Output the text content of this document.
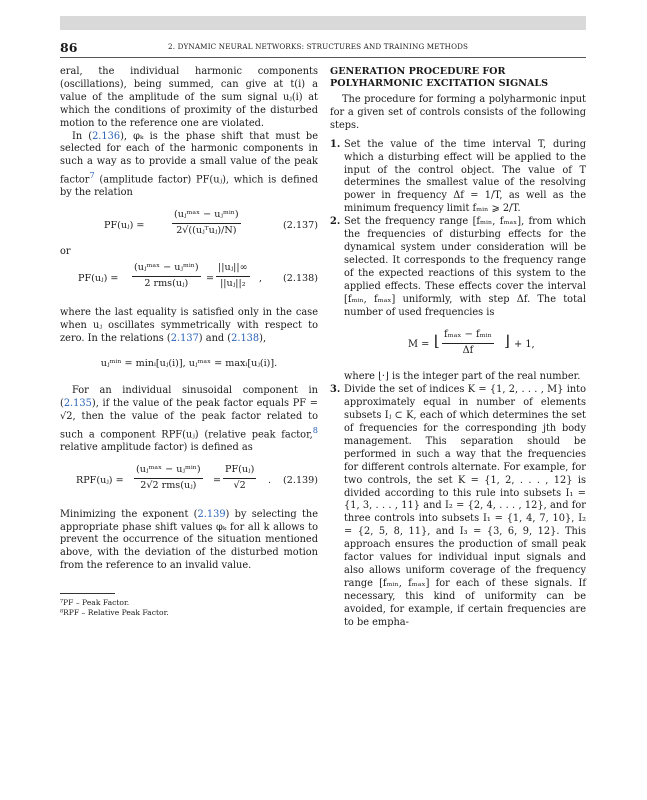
86	2. DYNAMIC NEURAL NETWORKS: STRUCTURES AND TRAINING METHODS

eral, the individual harmonic components (oscillations), being summed, can give at t(i) a value of the amplitude of the sum signal uⱼ(i) at which the conditions of proximity of the disturbed motion to the reference one are violated.

In (2.136), φₖ is the phase shift that must be selected for each of the harmonic components in such a way as to provide a small value of the peak factor$^7$ (amplitude factor) PF(uⱼ), which is defined by the relation

PF(uⱼ) =
(uⱼᵐᵃˣ − uⱼᵐⁱⁿ)
2√((uⱼᵀuⱼ)/N)	(2.137)

or

PF(uⱼ) =
(uⱼᵐᵃˣ − uⱼᵐⁱⁿ)
2 rms(uⱼ)	= $\frac{\text{||uⱼ||∞}}{\text{||uⱼ||₂}}$ , (2.138)

where the last equality is satisfied only in the case when uⱼ oscillates symmetrically with respect to zero. In the relations (2.137) and (2.138),

uⱼᵐⁱⁿ = minᵢ[uⱼ(i)], uⱼᵐᵃˣ = maxᵢ[uⱼ(i)].

For an individual sinusoidal component in (2.135), if the value of the peak factor equals PF = √2, then the value of the peak factor related to such a component RPF(uⱼ) (relative peak factor,$^8$ relative amplitude factor) is defined as

RPF(uⱼ) =
(uⱼᵐᵃˣ − uⱼᵐⁱⁿ)
2√2 rms(uⱼ)	= $\frac{\text{PF(uⱼ)}}{√2}$ . (2.139)

Minimizing the exponent (2.139) by selecting the appropriate phase shift values φₖ for all k allows to prevent the occurrence of the situation mentioned above, with the deviation of the disturbed motion from the reference to an invalid value.

⁷PF – Peak Factor.

⁸RPF – Relative Peak Factor.

GENERATION PROCEDURE FOR
POLYHARMONIC EXCITATION SIGNALS

The procedure for forming a polyharmonic input for a given set of controls consists of the following steps.

1. Set the value of the time interval T, during which a disturbing effect will be applied to the input of the control object. The value of T determines the smallest value of the resolving power in frequency Δf = 1/T, as well as the minimum frequency limit fₘᵢₙ ⩾ 2/T.

2. Set the frequency range [fₘᵢₙ, fₘₐₓ], from which the frequencies of disturbing effects for the dynamical system under consideration will be selected. It corresponds to the frequency range of the expected reactions of this system to the applied effects. These effects cover the interval [fₘᵢₙ, fₘₐₓ] uniformly, with step Δf. The total number of used frequencies is

M = ⌊ fₘₐₓ − fₘᵢₙ
Δf
⌋ + 1,

where ⌊·⌋ is the integer part of the real number.

3. Divide the set of indices K = {1, 2, . . . , M} into approximately equal in number of elements subsets Iⱼ ⊂ K, each of which determines the set of frequencies for the corresponding jth body management. This separation should be performed in such a way that the frequencies for different controls alternate. For example, for two controls, the set K = {1, 2, . . . , 12} is divided according to this rule into subsets I₁ = {1, 3, . . . , 11} and I₂ = {2, 4, . . . , 12}, and for three controls into subsets I₁ = {1, 4, 7, 10}, I₂ = {2, 5, 8, 11}, and I₃ = {3, 6, 9, 12}. This approach ensures the production of small peak factor values for individual input signals and also allows uniform coverage of the frequency range [fₘᵢₙ, fₘₐₓ] for each of these signals. If necessary, this kind of uniformity can be avoided, for example, if certain frequencies are to be empha-
